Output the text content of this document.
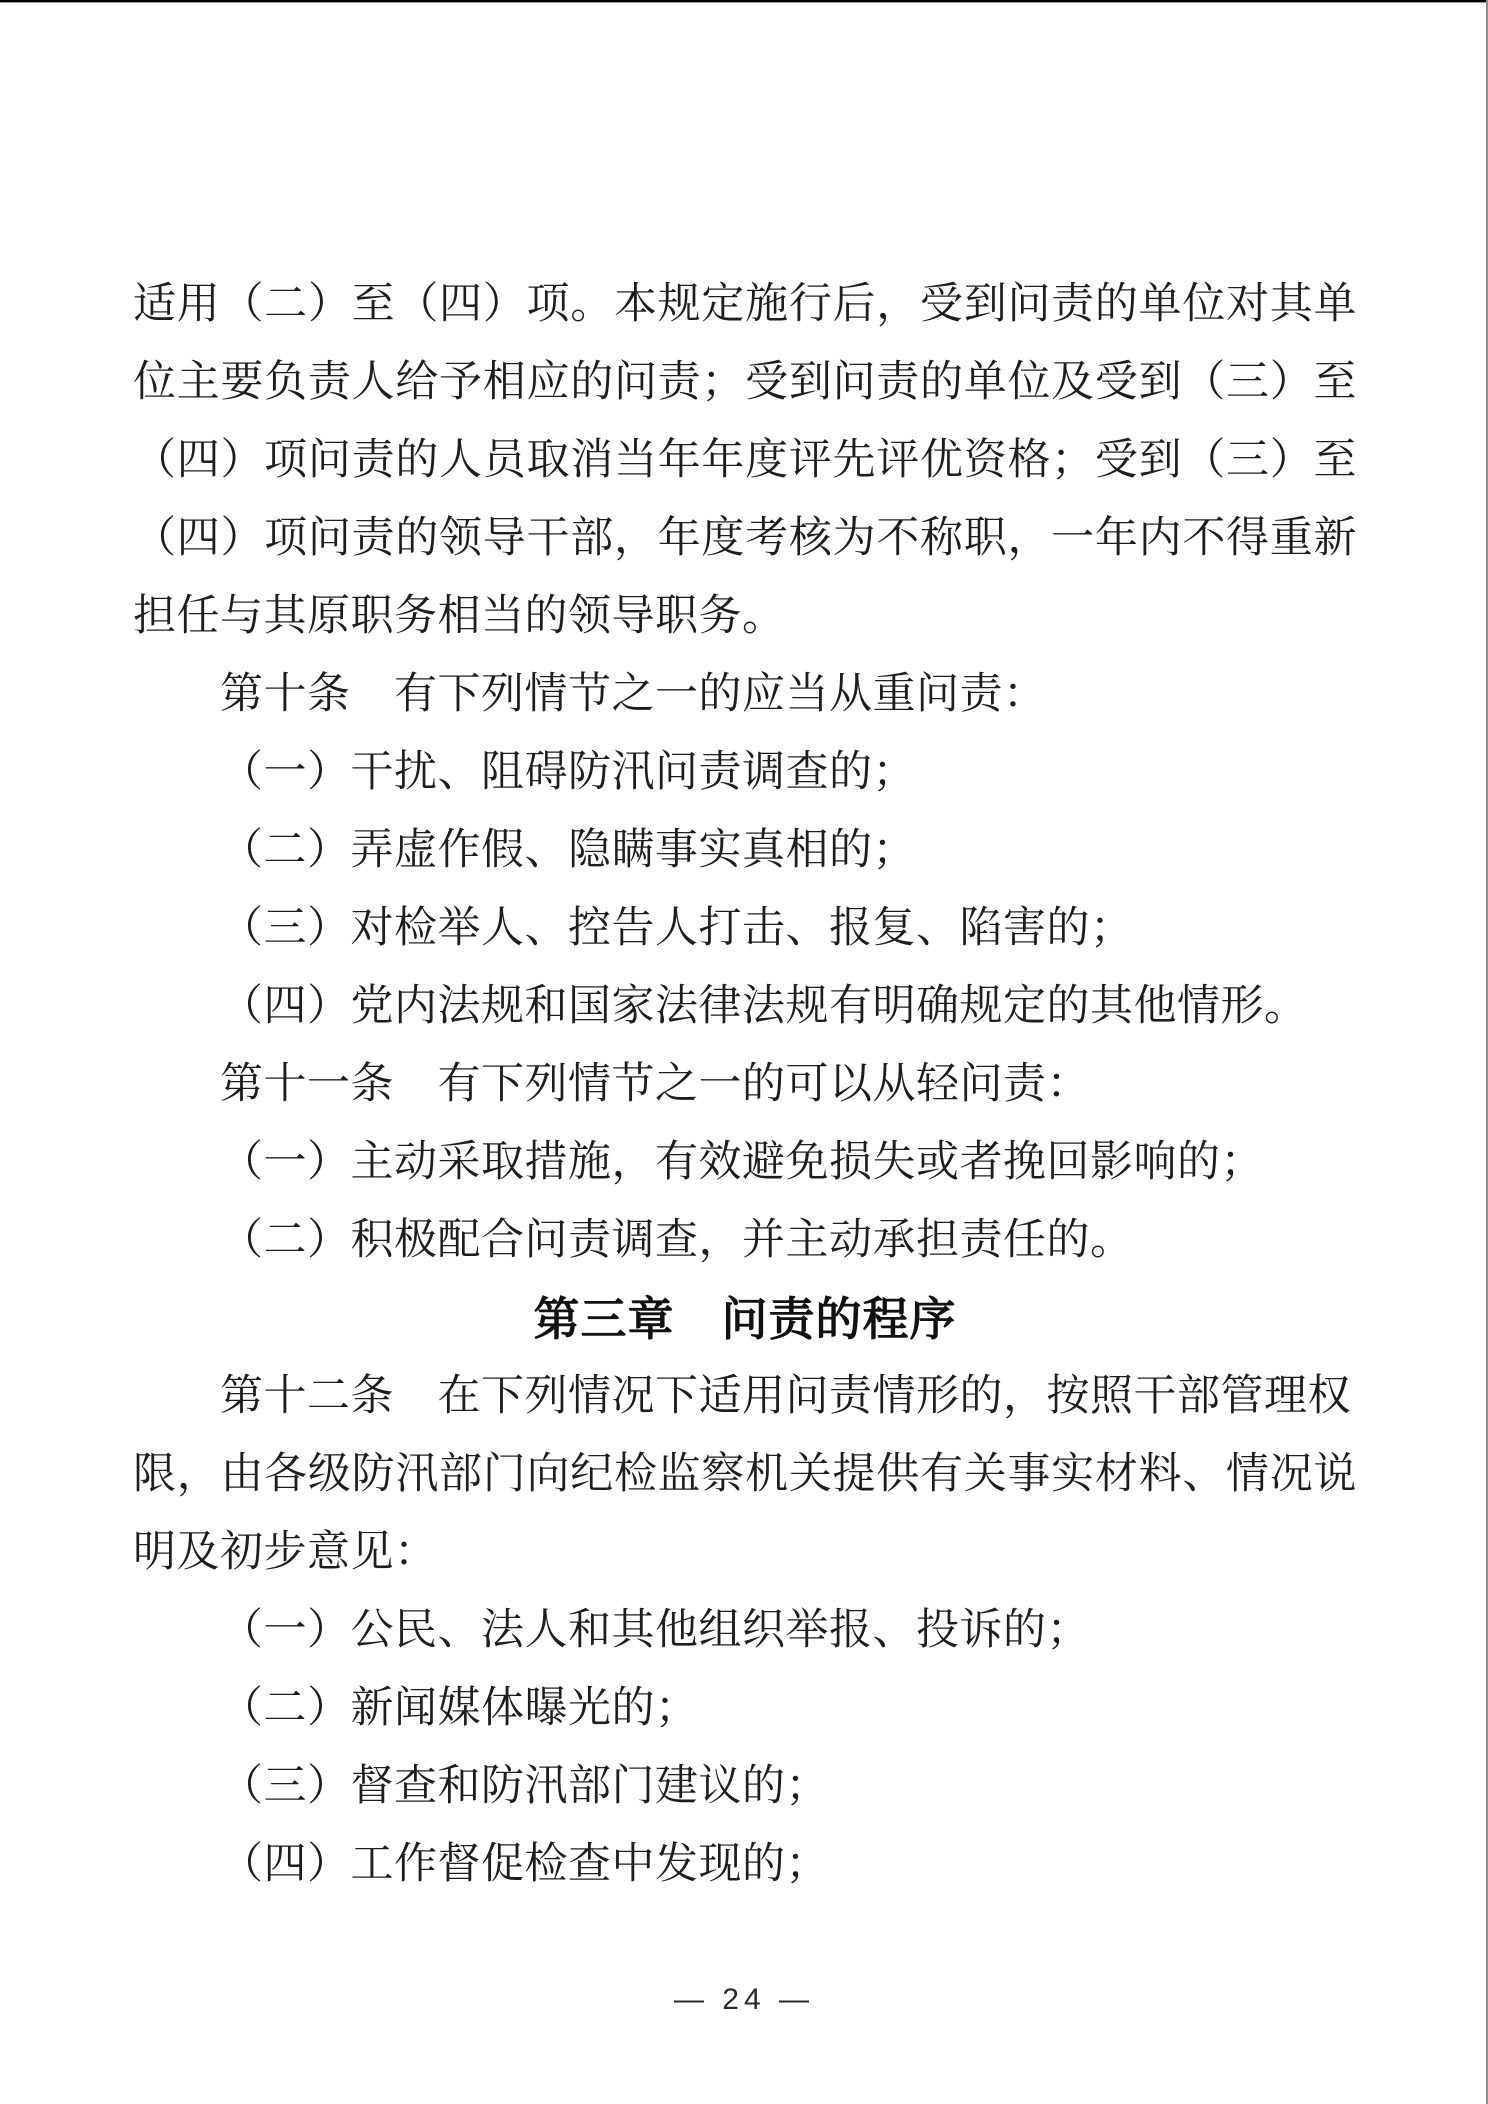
适用（二）至（四）项。本规定施行后，受到问责的单位对其单
位主要负责人给予相应的问责；受到问责的单位及受到（三）至
（四）项问责的人员取消当年年度评先评优资格；受到（三）至
（四）项问责的领导干部，年度考核为不称职，一年内不得重新
担任与其原职务相当的领导职务。
第十条　有下列情节之一的应当从重问责：
（一）干扰、阻碍防汛问责调查的；
（二）弄虚作假、隐瞒事实真相的；
（三）对检举人、控告人打击、报复、陷害的；
（四）党内法规和国家法律法规有明确规定的其他情形。
第十一条　有下列情节之一的可以从轻问责：
（一）主动采取措施，有效避免损失或者挽回影响的；
（二）积极配合问责调查，并主动承担责任的。
第三章　问责的程序
第十二条　在下列情况下适用问责情形的，按照干部管理权
限，由各级防汛部门向纪检监察机关提供有关事实材料、情况说
明及初步意见：
（一）公民、法人和其他组织举报、投诉的；
（二）新闻媒体曝光的；
（三）督查和防汛部门建议的；
（四）工作督促检查中发现的；
— 24 —
